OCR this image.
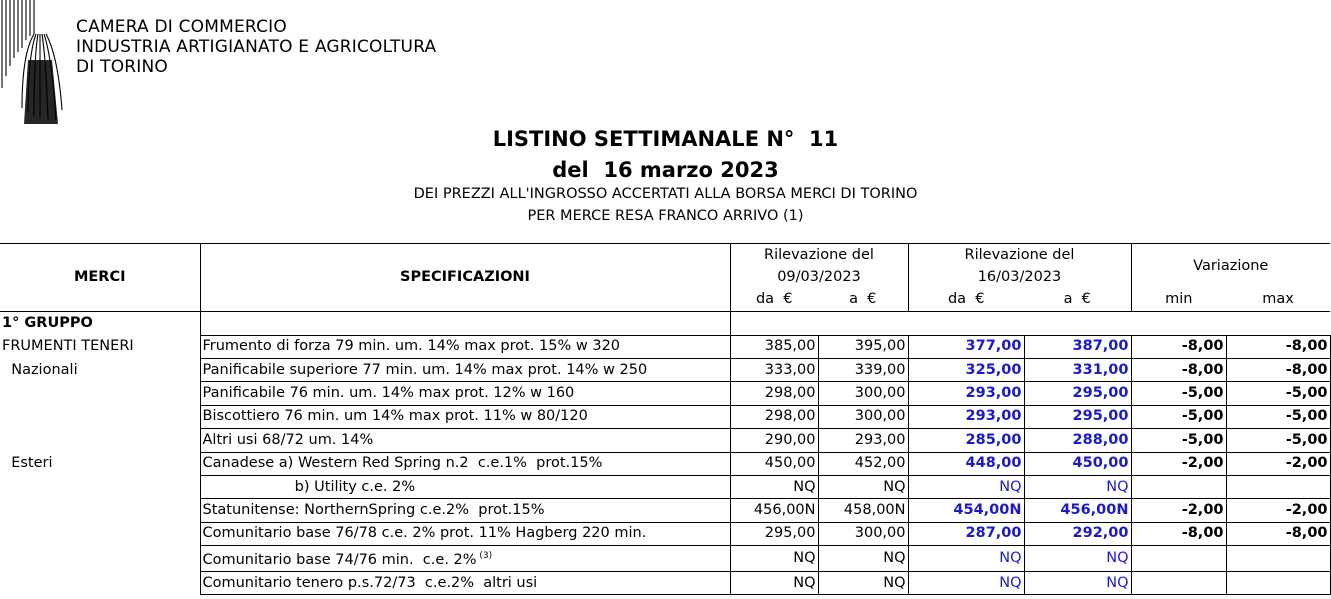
CAMERA DI COMMERCIO
INDUSTRIA ARTIGIANATO E AGRICOLTURA
DI TORINO
LISTINO SETTIMANALE N°  11
del  16 marzo 2023
DEI PREZZI ALL'INGROSSO ACCERTATI ALLA BORSA MERCI DI TORINO
PER MERCE RESA FRANCO ARRIVO (1)
MERCI	SPECIFICAZIONI	Rilevazione del		Rilevazione del		Variazione	
		09/03/2023		16/03/2023			
		da  €	a  €	da  €	a  €	min	max
1° GRUPPO							
FRUMENTI TENERI	Frumento di forza 79 min. um. 14% max prot. 15% w 320	385,00	395,00	377,00	387,00	-8,00	-8,00
Nazionali	Panificabile superiore 77 min. um. 14% max prot. 14% w 250	333,00	339,00	325,00	331,00	-8,00	-8,00
	Panificabile 76 min. um. 14% max prot. 12% w 160	298,00	300,00	293,00	295,00	-5,00	-5,00
	Biscottiero 76 min. um 14% max prot. 11% w 80/120	298,00	300,00	293,00	295,00	-5,00	-5,00
	Altri usi 68/72 um. 14%	290,00	293,00	285,00	288,00	-5,00	-5,00
Esteri	Canadese a) Western Red Spring n.2  c.e.1%  prot.15%	450,00	452,00	448,00	450,00	-2,00	-2,00
	b) Utility c.e. 2%	NQ	NQ	NQ	NQ		
	Statunitense: NorthernSpring c.e.2%  prot.15%	456,00N	458,00N	454,00N	456,00N	-2,00	-2,00
	Comunitario base 76/78 c.e. 2% prot. 11% Hagberg 220 min.	295,00	300,00	287,00	292,00	-8,00	-8,00
	Comunitario base 74/76 min.  c.e. 2% $^{(3)}$	NQ	NQ	NQ	NQ		
	Comunitario tenero p.s.72/73  c.e.2%  altri usi	NQ	NQ	NQ	NQ		
